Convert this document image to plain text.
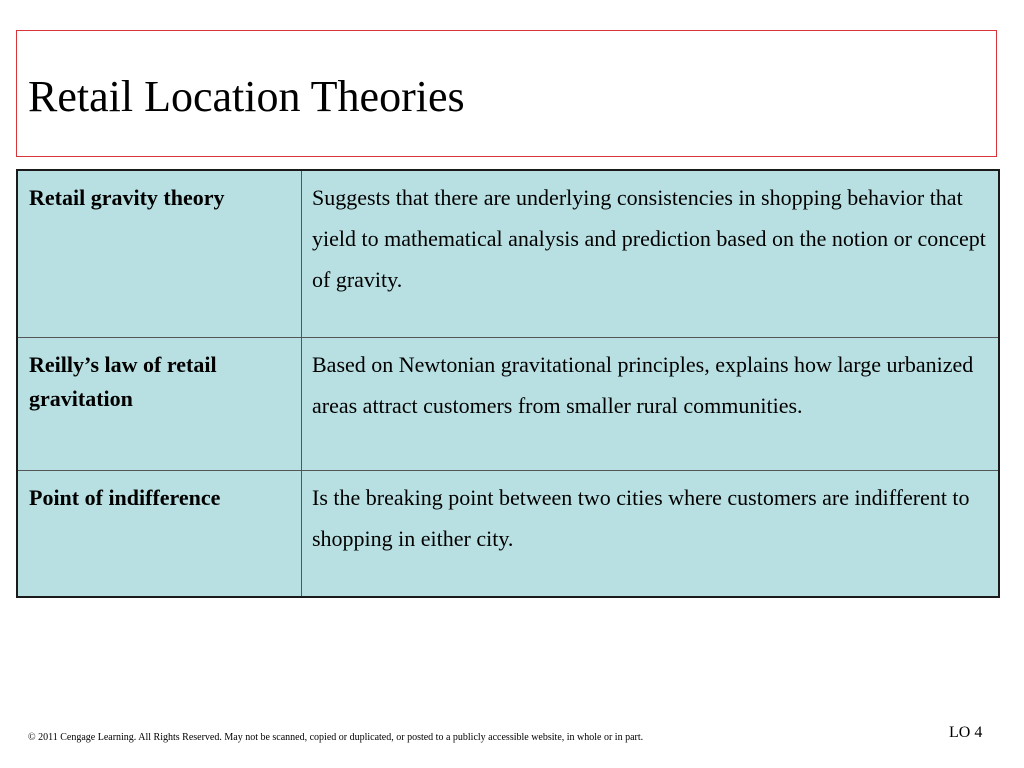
Retail Location Theories
Retail gravity theory	Suggests that there are underlying consistencies in shopping behavior that yield to mathematical analysis and prediction based on the notion or concept of gravity.

Reilly’s law of retail gravitation	Based on Newtonian gravitational principles, explains how large urbanized areas attract customers from smaller rural communities.

Point of indifference	Is the breaking point between two cities where customers are indifferent to shopping in either city.
© 2011 Cengage Learning. All Rights Reserved. May not be scanned, copied or duplicated, or posted to a publicly accessible website, in whole or in part.	LO 4
